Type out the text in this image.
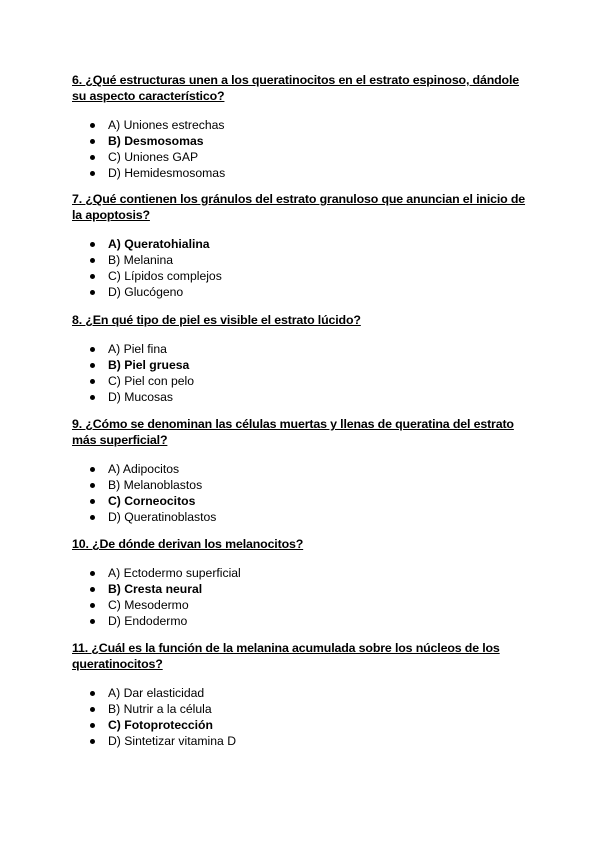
6. ¿Qué estructuras unen a los queratinocitos en el estrato espinoso, dándole su aspecto característico?
A) Uniones estrechas
B) Desmosomas
C) Uniones GAP
D) Hemidesmosomas
7. ¿Qué contienen los gránulos del estrato granuloso que anuncian el inicio de la apoptosis?
A) Queratohialina
B) Melanina
C) Lípidos complejos
D) Glucógeno
8. ¿En qué tipo de piel es visible el estrato lúcido?
A) Piel fina
B) Piel gruesa
C) Piel con pelo
D) Mucosas
9. ¿Cómo se denominan las células muertas y llenas de queratina del estrato más superficial?
A) Adipocitos
B) Melanoblastos
C) Corneocitos
D) Queratinoblastos
10. ¿De dónde derivan los melanocitos?
A) Ectodermo superficial
B) Cresta neural
C) Mesodermo
D) Endodermo
11. ¿Cuál es la función de la melanina acumulada sobre los núcleos de los queratinocitos?
A) Dar elasticidad
B) Nutrir a la célula
C) Fotoprotección
D) Sintetizar vitamina D
